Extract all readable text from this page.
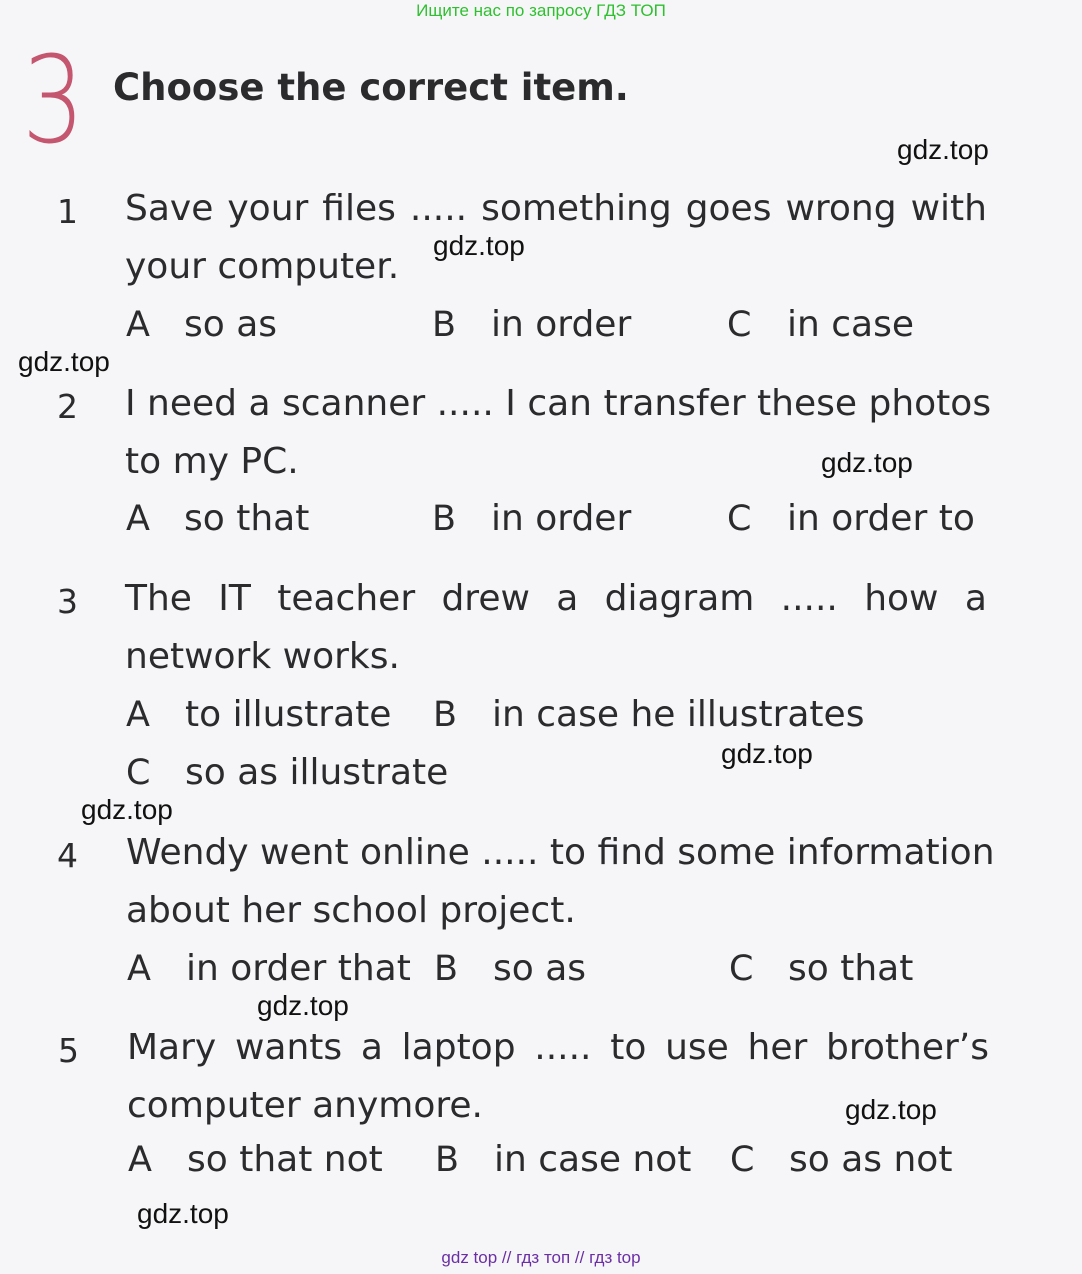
Ищите нас по запросу ГДЗ ТОП
3 Choose the correct item.
1 Save your files ..... something goes wrong with
your computer.
A so as	B in order	C in case
2 I need a scanner ..... I can transfer these photos
to my PC.
A so that	B in order	C in order to
3 The IT teacher drew a diagram ..... how a
network works.
A to illustrate B in case he illustrates
C so as illustrate
4 Wendy went online ..... to find some information
about her school project.
A in order that B so as	C so that
5 Mary wants a laptop ..... to use her brother’s
computer anymore.
A so that not B in case not C so as not
gdz.top
gdz.top
gdz.top
gdz.top
gdz.top
gdz.top
gdz.top
gdz.top
gdz.top
gdz top // гдз топ // гдз top
